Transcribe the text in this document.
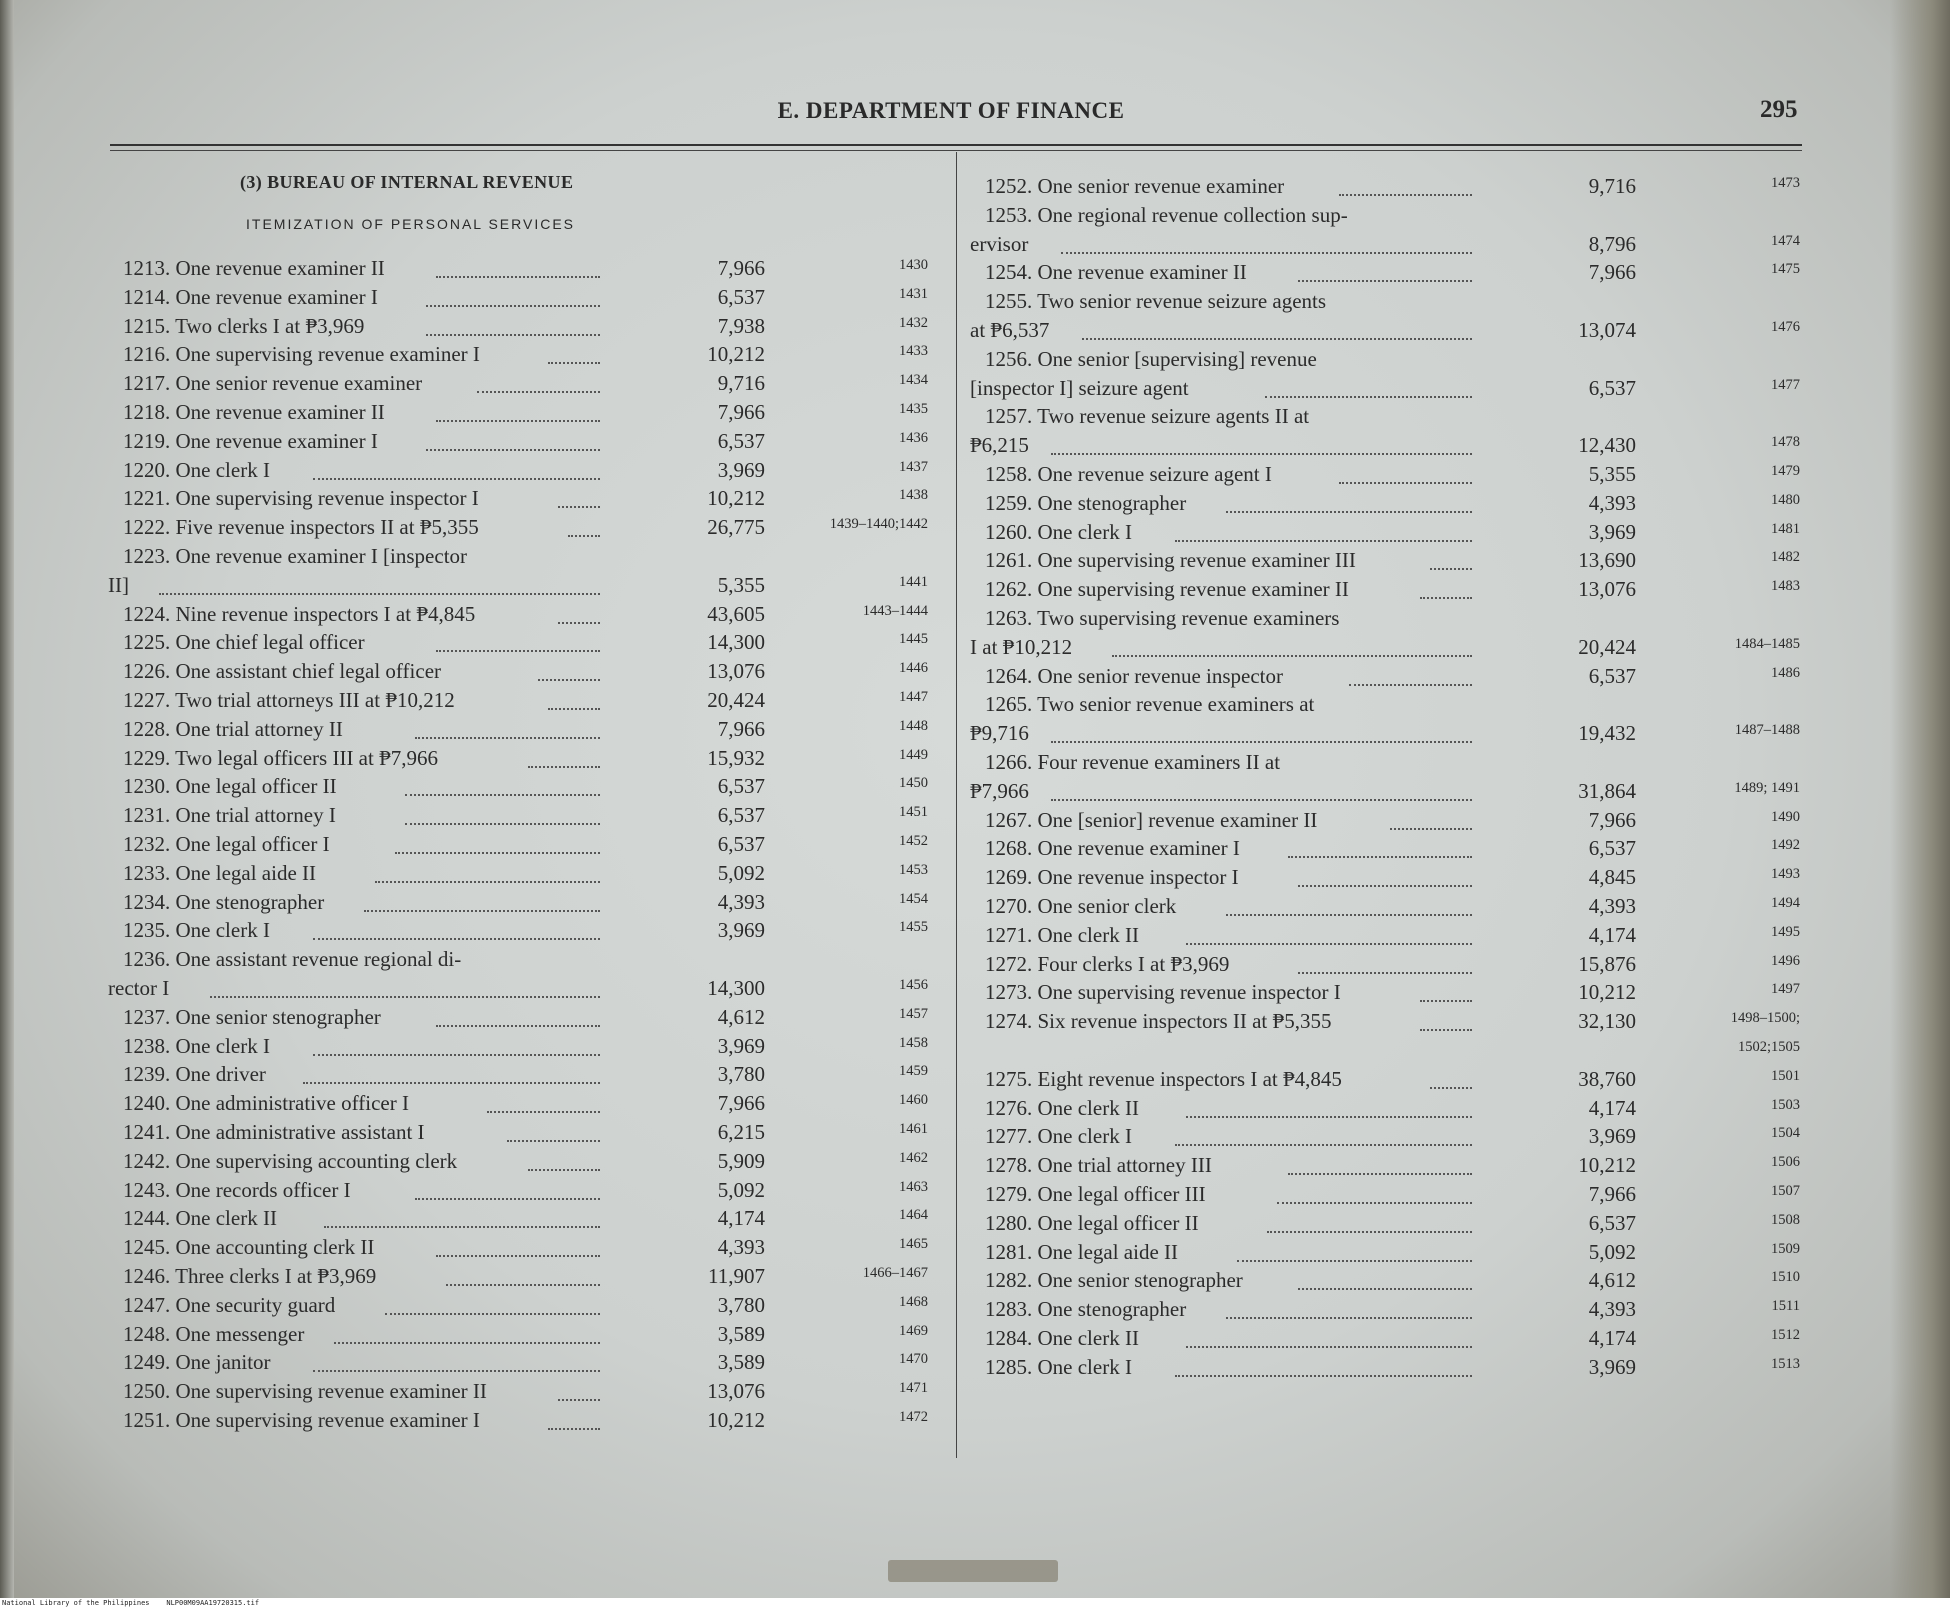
E. DEPARTMENT OF FINANCE	295
(3) BUREAU OF INTERNAL REVENUE
ITEMIZATION OF PERSONAL SERVICES
1213. One revenue examiner II	7,966	1430
1214. One revenue examiner I	6,537	1431
1215. Two clerks I at ₱3,969	7,938	1432
1216. One supervising revenue examiner I	10,212	1433
1217. One senior revenue examiner	9,716	1434
1218. One revenue examiner II	7,966	1435
1219. One revenue examiner I	6,537	1436
1220. One clerk I	3,969	1437
1221. One supervising revenue inspector I	10,212	1438
1222. Five revenue inspectors II at ₱5,355	26,775	1439–1440;1442
1223. One revenue examiner I [inspector
II]	5,355	1441
1224. Nine revenue inspectors I at ₱4,845	43,605	1443–1444
1225. One chief legal officer	14,300	1445
1226. One assistant chief legal officer	13,076	1446
1227. Two trial attorneys III at ₱10,212	20,424	1447
1228. One trial attorney II	7,966	1448
1229. Two legal officers III at ₱7,966	15,932	1449
1230. One legal officer II	6,537	1450
1231. One trial attorney I	6,537	1451
1232. One legal officer I	6,537	1452
1233. One legal aide II	5,092	1453
1234. One stenographer	4,393	1454
1235. One clerk I	3,969	1455
1236. One assistant revenue regional di-
rector I	14,300	1456
1237. One senior stenographer	4,612	1457
1238. One clerk I	3,969	1458
1239. One driver	3,780	1459
1240. One administrative officer I	7,966	1460
1241. One administrative assistant I	6,215	1461
1242. One supervising accounting clerk	5,909	1462
1243. One records officer I	5,092	1463
1244. One clerk II	4,174	1464
1245. One accounting clerk II	4,393	1465
1246. Three clerks I at ₱3,969	11,907	1466–1467
1247. One security guard	3,780	1468
1248. One messenger	3,589	1469
1249. One janitor	3,589	1470
1250. One supervising revenue examiner II	13,076	1471
1251. One supervising revenue examiner I	10,212	1472
1252. One senior revenue examiner	9,716	1473
1253. One regional revenue collection sup-
ervisor	8,796	1474
1254. One revenue examiner II	7,966	1475
1255. Two senior revenue seizure agents
at ₱6,537	13,074	1476
1256. One senior [supervising] revenue
[inspector I] seizure agent	6,537	1477
1257. Two revenue seizure agents II at
₱6,215	12,430	1478
1258. One revenue seizure agent I	5,355	1479
1259. One stenographer	4,393	1480
1260. One clerk I	3,969	1481
1261. One supervising revenue examiner III	13,690	1482
1262. One supervising revenue examiner II	13,076	1483
1263. Two supervising revenue examiners
I at ₱10,212	20,424	1484–1485
1264. One senior revenue inspector	6,537	1486
1265. Two senior revenue examiners at
₱9,716	19,432	1487–1488
1266. Four revenue examiners II at
₱7,966	31,864	1489; 1491
1267. One [senior] revenue examiner II	7,966	1490
1268. One revenue examiner I	6,537	1492
1269. One revenue inspector I	4,845	1493
1270. One senior clerk	4,393	1494
1271. One clerk II	4,174	1495
1272. Four clerks I at ₱3,969	15,876	1496
1273. One supervising revenue inspector I	10,212	1497
1274. Six revenue inspectors II at ₱5,355	32,130	1498–1500;
1502;1505
1275. Eight revenue inspectors I at ₱4,845	38,760	1501
1276. One clerk II	4,174	1503
1277. One clerk I	3,969	1504
1278. One trial attorney III	10,212	1506
1279. One legal officer III	7,966	1507
1280. One legal officer II	6,537	1508
1281. One legal aide II	5,092	1509
1282. One senior stenographer	4,612	1510
1283. One stenographer	4,393	1511
1284. One clerk II	4,174	1512
1285. One clerk I	3,969	1513
National Library of the Philippines    NLP00M09AA19720315.tif
